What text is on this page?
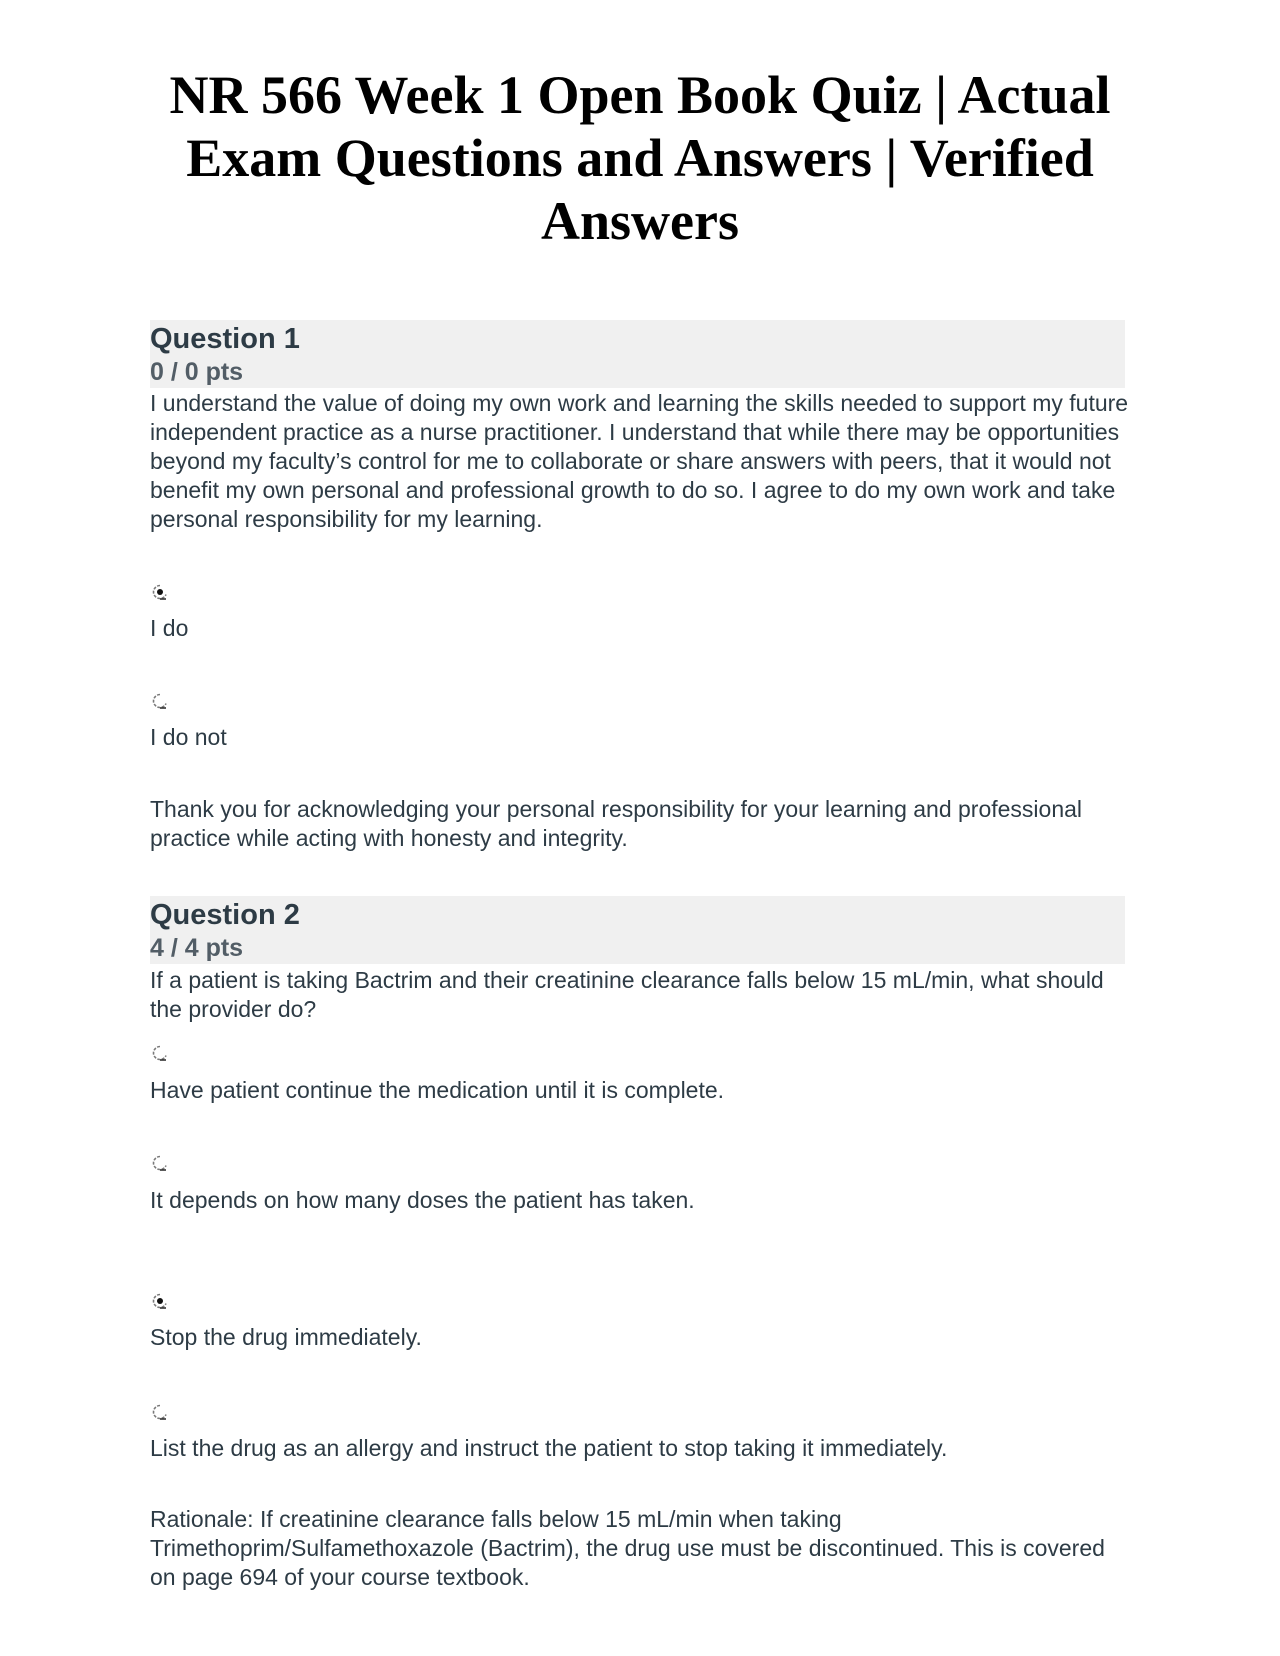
NR 566 Week 1 Open Book Quiz | Actual Exam Questions and Answers | Verified Answers
Question 1
0 / 0 pts

I understand the value of doing my own work and learning the skills needed to support my future independent practice as a nurse practitioner. I understand that while there may be opportunities beyond my faculty’s control for me to collaborate or share answers with peers, that it would not benefit my own personal and professional growth to do so. I agree to do my own work and take personal responsibility for my learning.

I do
I do not

Thank you for acknowledging your personal responsibility for your learning and professional practice while acting with honesty and integrity.

Question 2
4 / 4 pts

If a patient is taking Bactrim and their creatinine clearance falls below 15 mL/min, what should the provider do?

Have patient continue the medication until it is complete.
It depends on how many doses the patient has taken.
Stop the drug immediately.
List the drug as an allergy and instruct the patient to stop taking it immediately.

Rationale: If creatinine clearance falls below 15 mL/min when taking Trimethoprim/Sulfamethoxazole (Bactrim), the drug use must be discontinued. This is covered on page 694 of your course textbook.
